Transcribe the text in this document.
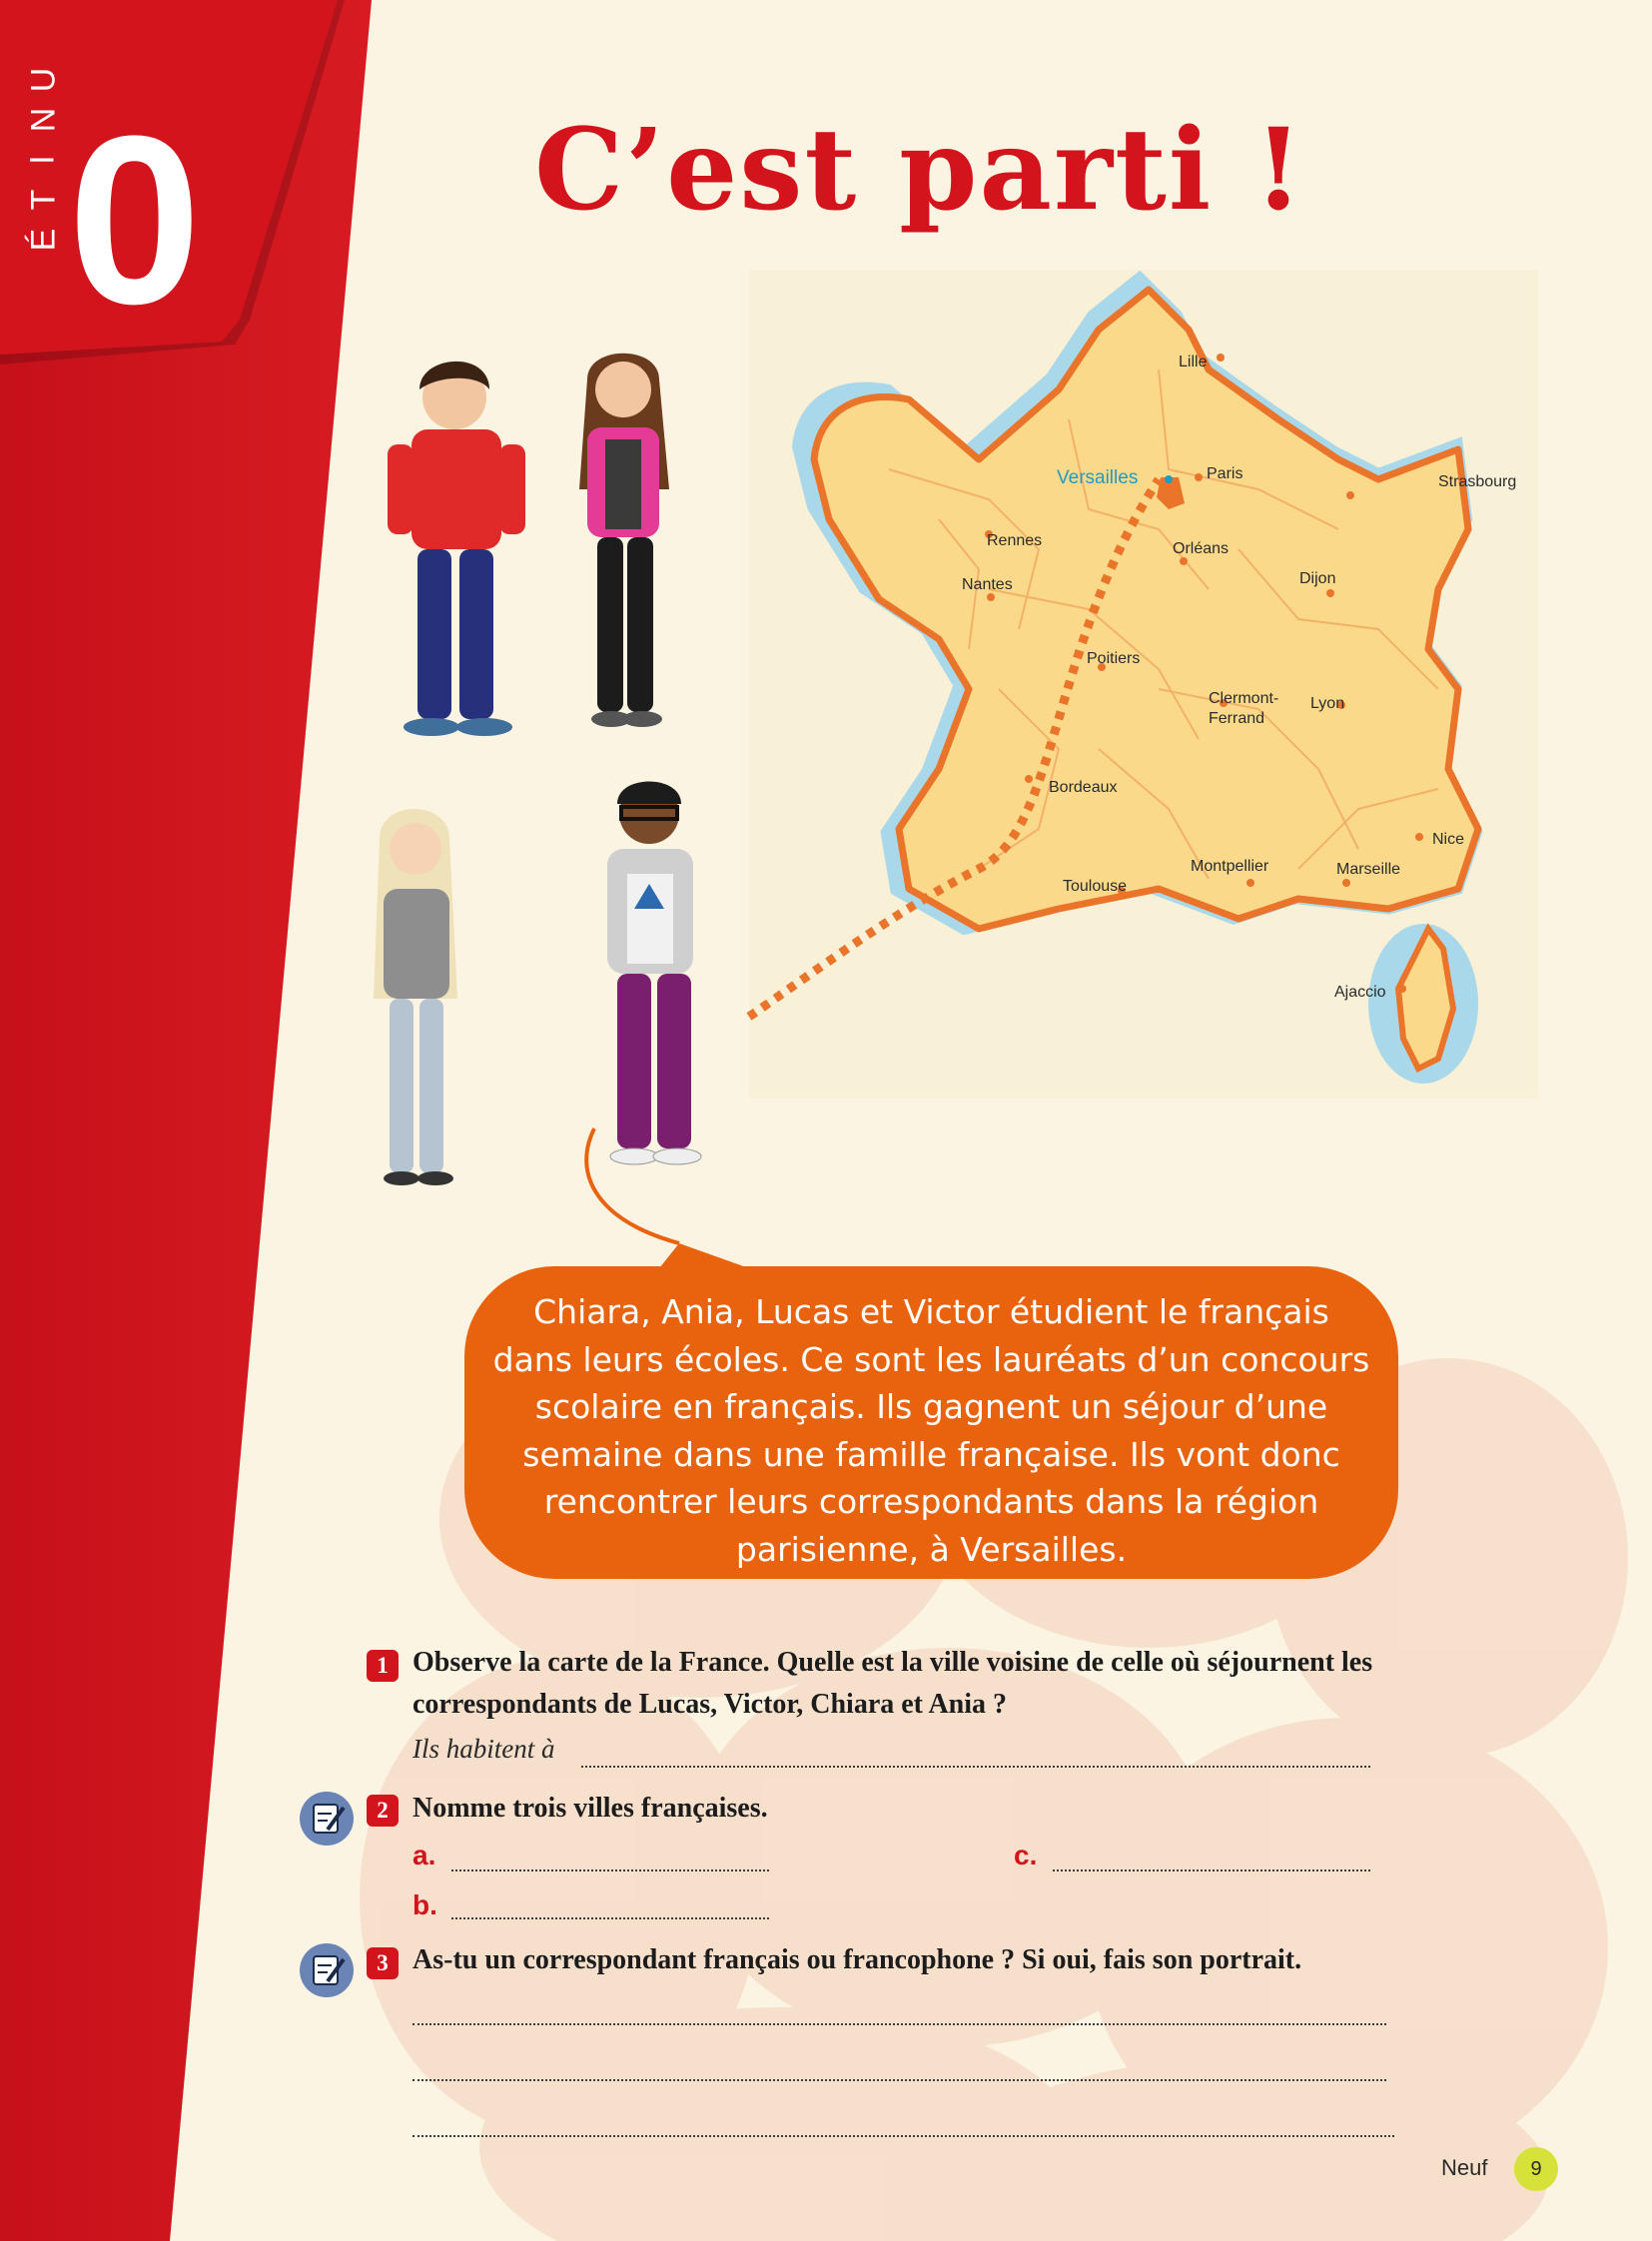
U
N
I
T
É 0	C’est parti !
Lille
Versailles	Paris	Strasbourg
Rennes	Orléans
Nantes	Dijon
Poitiers
Clermont-
Ferrand
Lyon
Bordeaux
Nice
Montpellier	Marseille
Toulouse
Ajaccio
Chiara, Ania, Lucas et Victor étudient le français
dans leurs écoles. Ce sont les lauréats d’un concours
scolaire en français. Ils gagnent un séjour d’une
semaine dans une famille française. Ils vont donc
rencontrer leurs correspondants dans la région
parisienne, à Versailles.
1 Observe la carte de la France. Quelle est la ville voisine de celle où séjournent les
correspondants de Lucas, Victor, Chiara et Ania ?
Ils habitent à
2 Nomme trois villes françaises.
a.	c.
b.
3 As-tu un correspondant français ou francophone ? Si oui, fais son portrait.
Neuf	9
